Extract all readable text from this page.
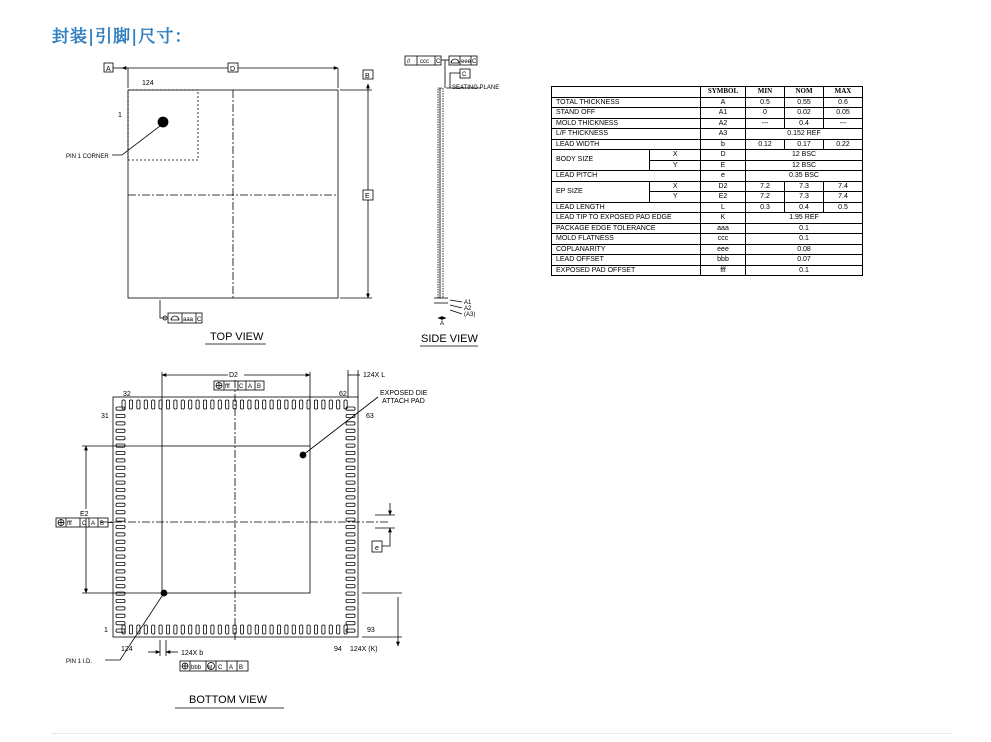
封装|引脚|尺寸：
A	D
B
E
124
1
PIN 1 CORNER
aaa C
TOP VIEW
// ccc C	eee C
C
SEATING PLANE
A1
A2
(A3)
A
SIDE VIEW
D2	124X L
fff C A B
32	62
31	63
EXPOSED DIE
ATTACH PAD
E2
fff C A B
e
1	93
124	94 124X (K)
124X b
PIN 1 I.D.
bbb M C A B
BOTTOM VIEW
		SYMBOL	MIN	NOM	MAX
TOTAL THICKNESS		A	0.5	0.55	0.6
STAND OFF		A1	0	0.02	0.05
MOLD THICKNESS		A2	---	0.4	---
L/F THICKNESS		A3	0.152 REF		
LEAD WIDTH		b	0.12	0.17	0.22
BODY SIZE	X	D	12 BSC		
	Y	E	12 BSC		
LEAD PITCH		e	0.35 BSC		
EP SIZE	X	D2	7.2	7.3	7.4
	Y	E2	7.2	7.3	7.4
LEAD LENGTH		L	0.3	0.4	0.5
LEAD TIP TO EXPOSED PAD EDGE		K	1.95 REF		
PACKAGE EDGE TOLERANCE		aaa	0.1		
MOLD FLATNESS		ccc	0.1		
COPLANARITY		eee	0.08		
LEAD OFFSET		bbb	0.07		
EXPOSED PAD OFFSET		fff	0.1		
